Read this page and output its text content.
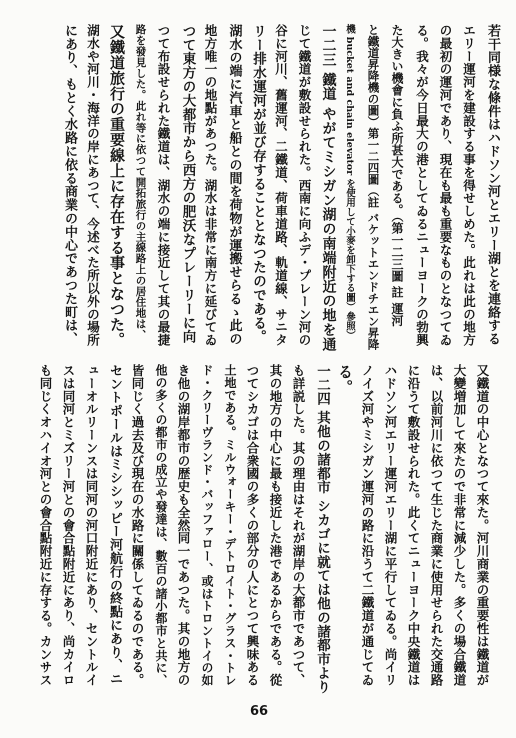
若干同様な條件はハドソン河とエリー湖とを連絡する
エリー運河を建設する事を得せしめた。此れは此の地方
の最初の運河であり、現在も最も重要なものとなつてゐ
る。我々が今日最大の港としてゐるニューヨークの勃興
た大きい機會に負ふ所甚大である。（第一二三圖 註 運河
と鐵道昇降機の圖）第一二四圖（註 バケットエンドチエン昇降
機 bucket and chain elevator を使用して小麥を卸下する圖）參照）
一二三 鐵道 やがてミシガン湖の南端附近の地を通
じて鐵道が敷設せられた。西南に向ふデ・プレーン河の
谷に河川、舊運河、二鐵道、荷車道路、軌道線、サニタ
リー排水運河が並び存することとなつたのである。
湖水の端に汽車と船との間を荷物が運搬せらるゝ此の
地方唯一の地點があつた。湖水は非常に南方に延びてゐ
つて東方の大都市から西方の肥沃なプレーリーに向
つて布設せられた鐵道は、湖水の端に接近して其の最捷
路を發見した。此れ等に依つて開拓旅行の主線路上の居住地は、
又鐵道旅行の重要線上に存在する事となつた。
湖水や河川・海洋の岸にあつて、今述べた所以外の場所
にあり、もとく水路に依る商業の中心であつた町は、
又鐵道の中心となつて來た。河川商業の重要性は鐵道が
大變増加して來たので非常に減少した。多くの場合鐵道
は、以前河川に依つて生じた商業に使用せられた交通路
に沿うて敷設せられた。此くてニューヨーク中央鐵道は
ハドソン河エリー運河エリー湖に平行してゐる。尚イリ
ノイズ河やミシガン運河の路に沿うて二鐵道が通じてゐ
る。
一二四 其他の諸都市 シカゴに就ては他の諸都市より
も詳説した。其の理由はそれが湖岸の大都市であつて、
其の地方の中心に最も接近した港であるからである。從
つてシカゴは合衆國の多くの部分の人にとつて興味ある
土地である。ミルウォーキー・デトロイト・グラス・トレ
ド・クリーヴランド・バッファロー、或はトロントイの如
き他の湖岸都市の歴史も全然同一であつた。其の地方の
他の多くの都市の成立や發達は、數百の諸小都市と共に、
皆同じく過去及び現在の水路に關係してゐるのである。
セントポールはミシシッピー河航行の終點にあり、ニ
ューオルリーンスは同河の河口附近にあり、セントルイ
スは同河とミズリー河との會合點附近にあり、尚カイロ
も同じくオハイオ河との會合點附近に存する。カンサス
66
